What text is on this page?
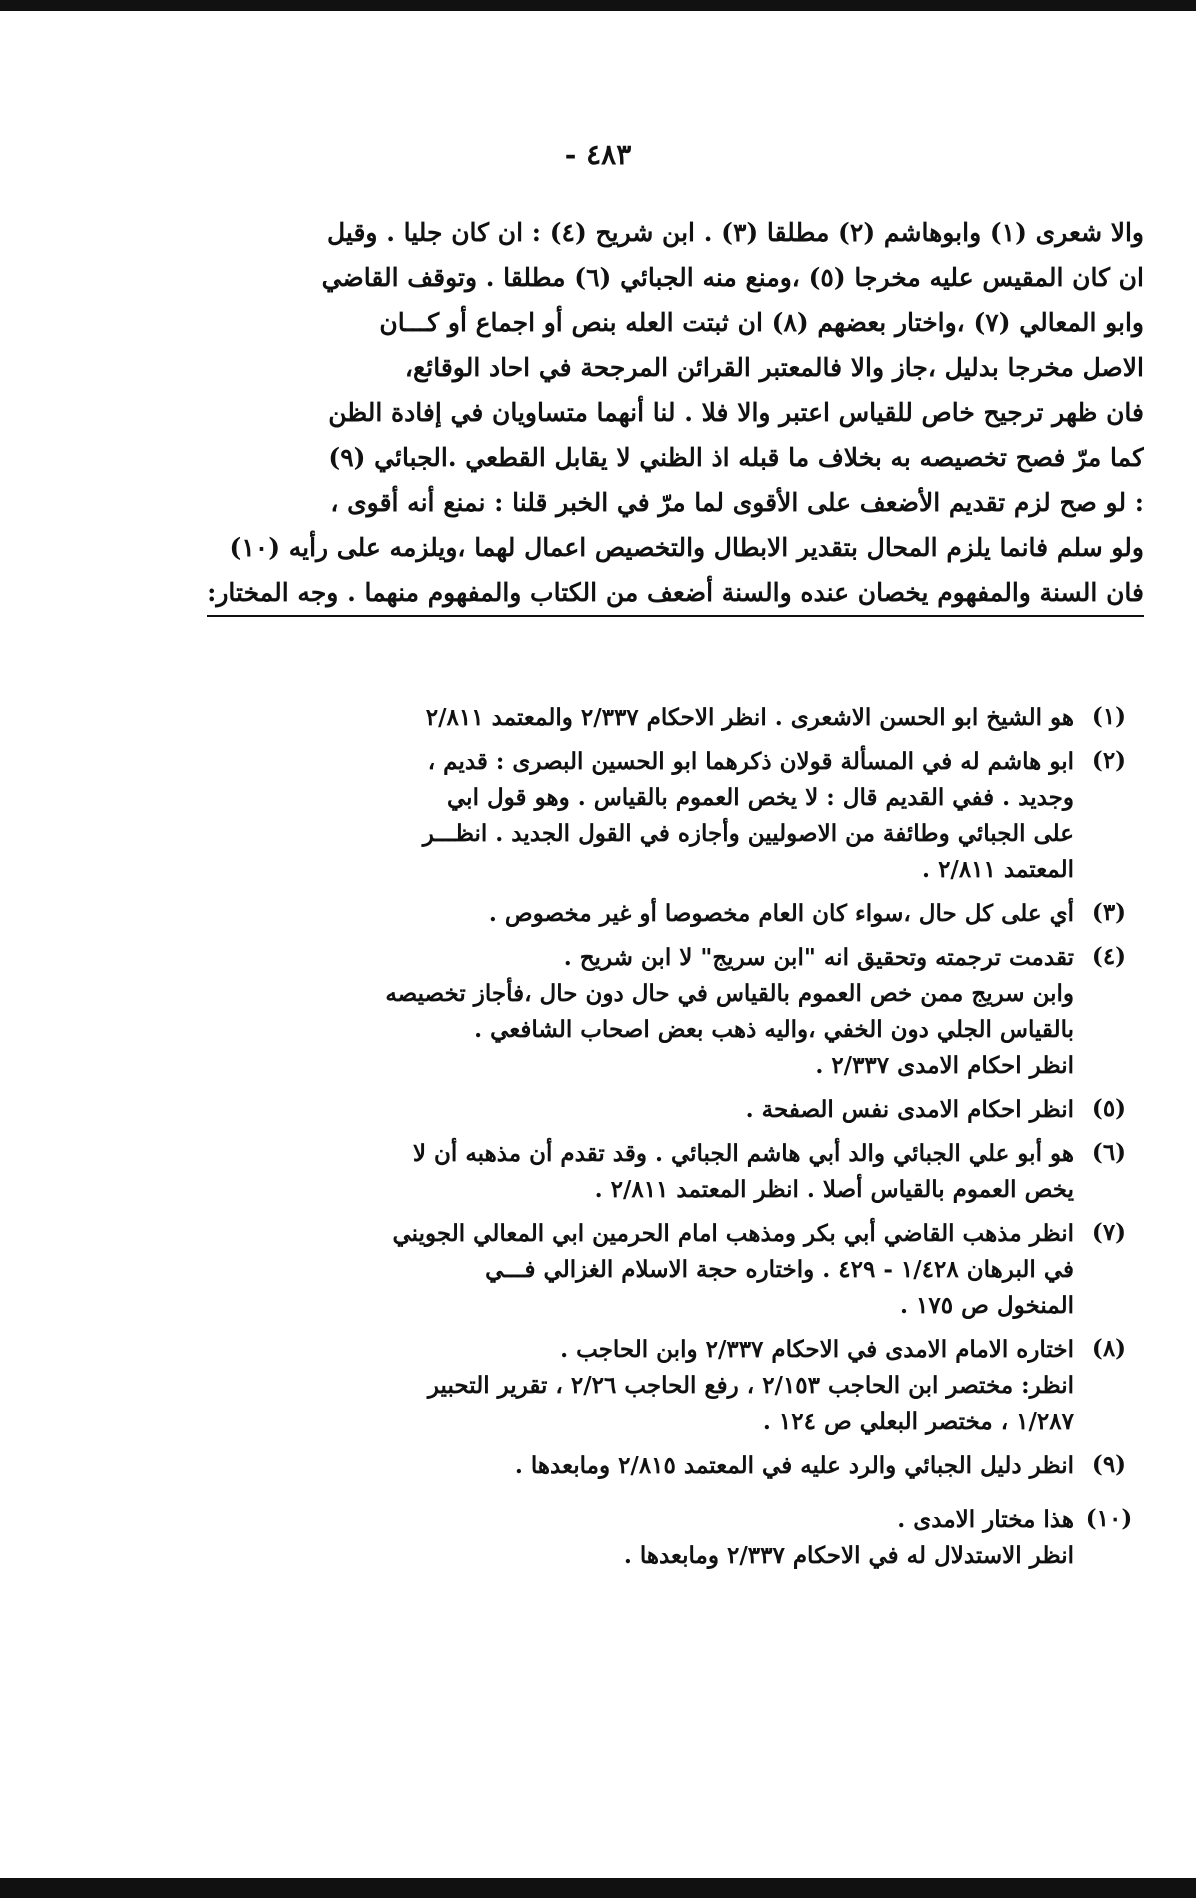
٤٨٣ -
والا شعرى (١) وابوهاشم (٢) مطلقا (٣) . ابن شريح (٤) : ان كان جليا . وقيل
ان كان المقيس عليه مخرجا (٥) ،ومنع منه الجبائي (٦) مطلقا . وتوقف القاضي
وابو المعالي (٧) ،واختار بعضهم (٨) ان ثبتت العله بنص أو اجماع أو كـــان
الاصل مخرجا بدليل ،جاز والا فالمعتبر القرائن المرجحة في احاد الوقائع،
فان ظهر ترجيح خاص للقياس اعتبر والا فلا . لنا أنهما متساويان في إفادة الظن
كما مرّ فصح تخصيصه به بخلاف ما قبله اذ الظني لا يقابل القطعي .الجبائي (٩)
: لو صح لزم تقديم الأضعف على الأقوى لما مرّ في الخبر قلنا : نمنع أنه أقوى ،
ولو سلم فانما يلزم المحال بتقدير الابطال والتخصيص اعمال لهما ،ويلزمه على رأيه (١٠)
فان السنة والمفهوم يخصان عنده والسنة أضعف من الكتاب والمفهوم منهما . وجه المختار:
(١)
هو الشيخ ابو الحسن الاشعرى . انظر الاحكام ٢/٣٣٧ والمعتمد ٢/٨١١
(٢)
ابو هاشم له في المسألة قولان ذكرهما ابو الحسين البصرى : قديم ،
وجديد . ففي القديم قال : لا يخص العموم بالقياس . وهو قول ابي
على الجبائي وطائفة من الاصوليين وأجازه في القول الجديد . انظـــر
المعتمد ٢/٨١١ .
(٣)
أي على كل حال ،سواء كان العام مخصوصا أو غير مخصوص .
(٤)
تقدمت ترجمته وتحقيق انه "ابن سريج" لا ابن شريح .
وابن سريج ممن خص العموم بالقياس في حال دون حال ،فأجاز تخصيصه
بالقياس الجلي دون الخفي ،واليه ذهب بعض اصحاب الشافعي .
انظر احكام الامدى ٢/٣٣٧ .
(٥)
انظر احكام الامدى نفس الصفحة .
(٦)
هو أبو علي الجبائي والد أبي هاشم الجبائي . وقد تقدم أن مذهبه أن لا
يخص العموم بالقياس أصلا . انظر المعتمد ٢/٨١١ .
(٧)
انظر مذهب القاضي أبي بكر ومذهب امام الحرمين ابي المعالي الجويني
في البرهان ١/٤٢٨ - ٤٢٩ . واختاره حجة الاسلام الغزالي فـــي
المنخول ص ١٧٥ .
(٨)
اختاره الامام الامدى في الاحكام ٢/٣٣٧ وابن الحاجب .
انظر: مختصر ابن الحاجب ٢/١٥٣ ، رفع الحاجب ٢/٢٦ ، تقرير التحبير
١/٢٨٧ ، مختصر البعلي ص ١٢٤ .
(٩)
انظر دليل الجبائي والرد عليه في المعتمد ٢/٨١٥ ومابعدها .
(١٠)
هذا مختار الامدى .
انظر الاستدلال له في الاحكام ٢/٣٣٧ ومابعدها .
